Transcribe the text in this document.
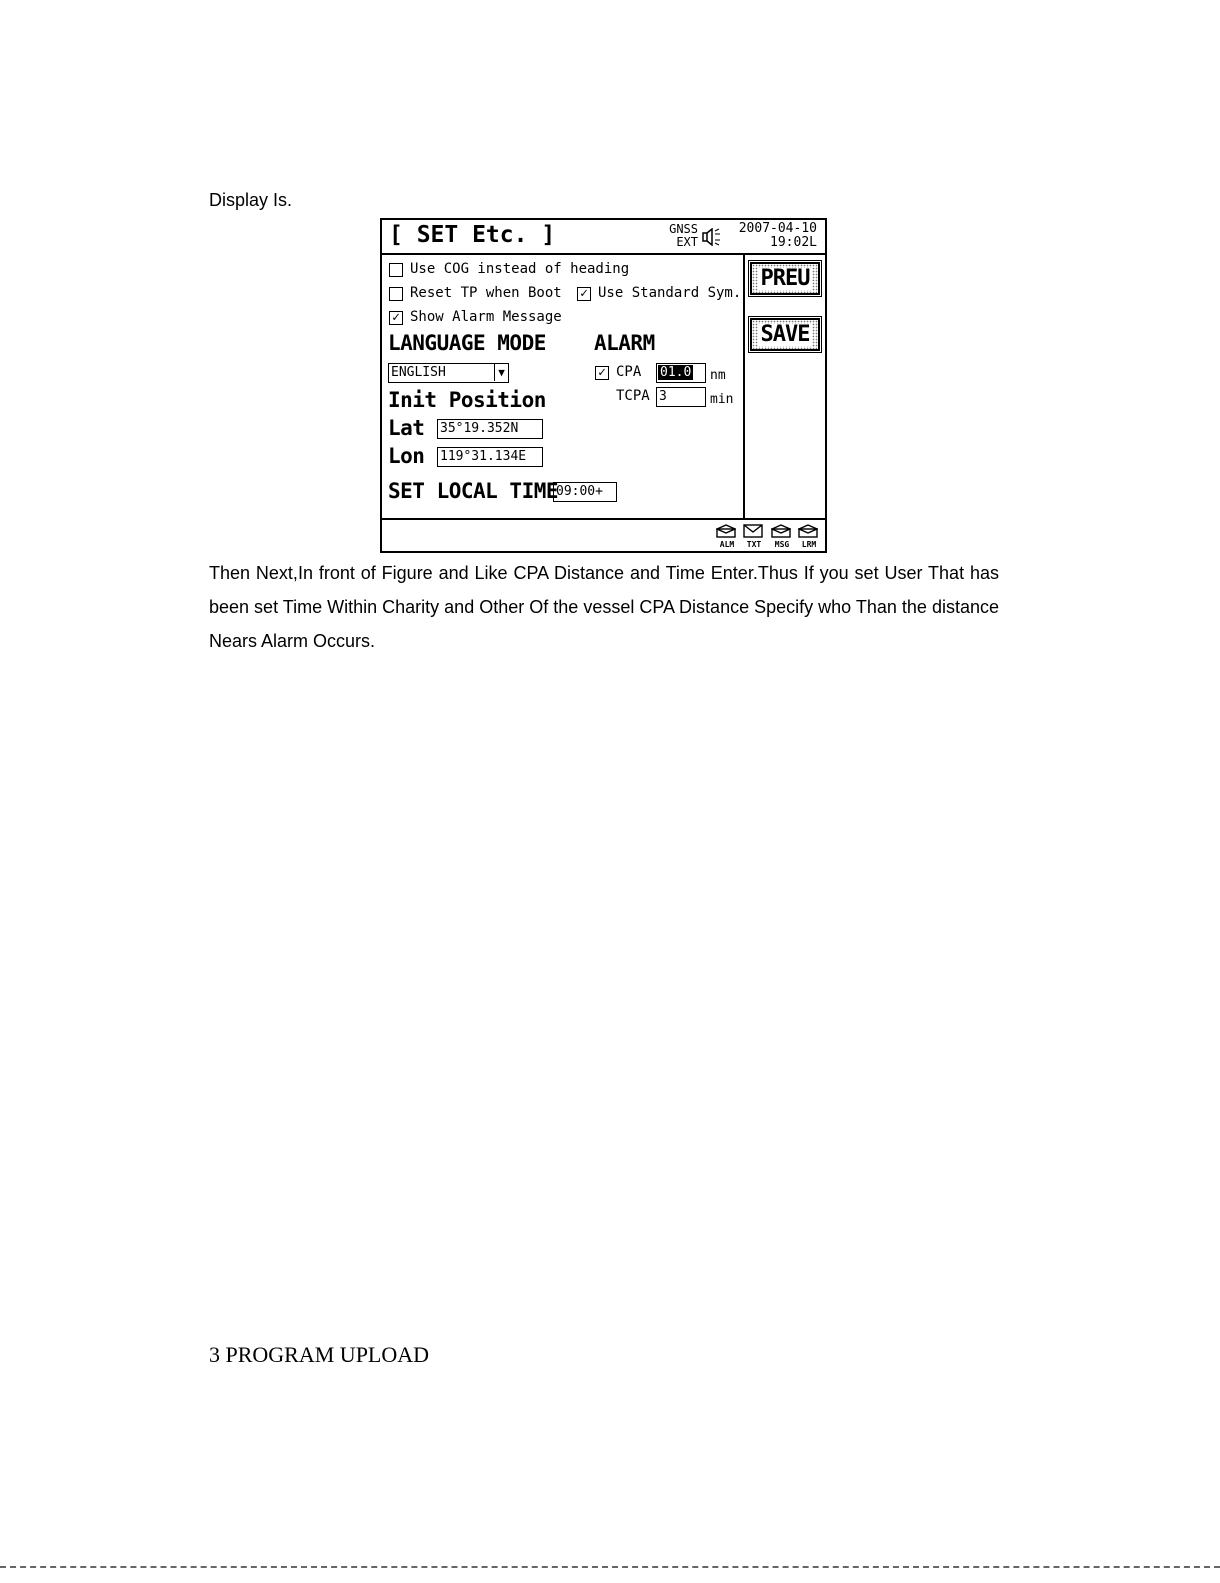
Display Is.
[ SET Etc. ]	GNSS
EXT
2007-04-10
19:02L
Use COG instead of heading
Reset TP when Boot ✓ Use Standard Sym.
✓ Show Alarm Message
LANGUAGE MODE
ENGLISH	▼
ALARM
✓ CPA 01.0 nm
TCPA 3	min
Init Position
Lat 35°19.352N
Lon 119°31.134E
SET LOCAL TIME
09:00+
PREU
SAVE
ALM	TXT	MSG	LRM
Then Next,In front of Figure and Like CPA Distance and Time Enter.Thus If you set User That has been set Time Within Charity and Other Of the vessel CPA Distance Specify who Than the distance Nears Alarm Occurs.
3 PROGRAM UPLOAD
